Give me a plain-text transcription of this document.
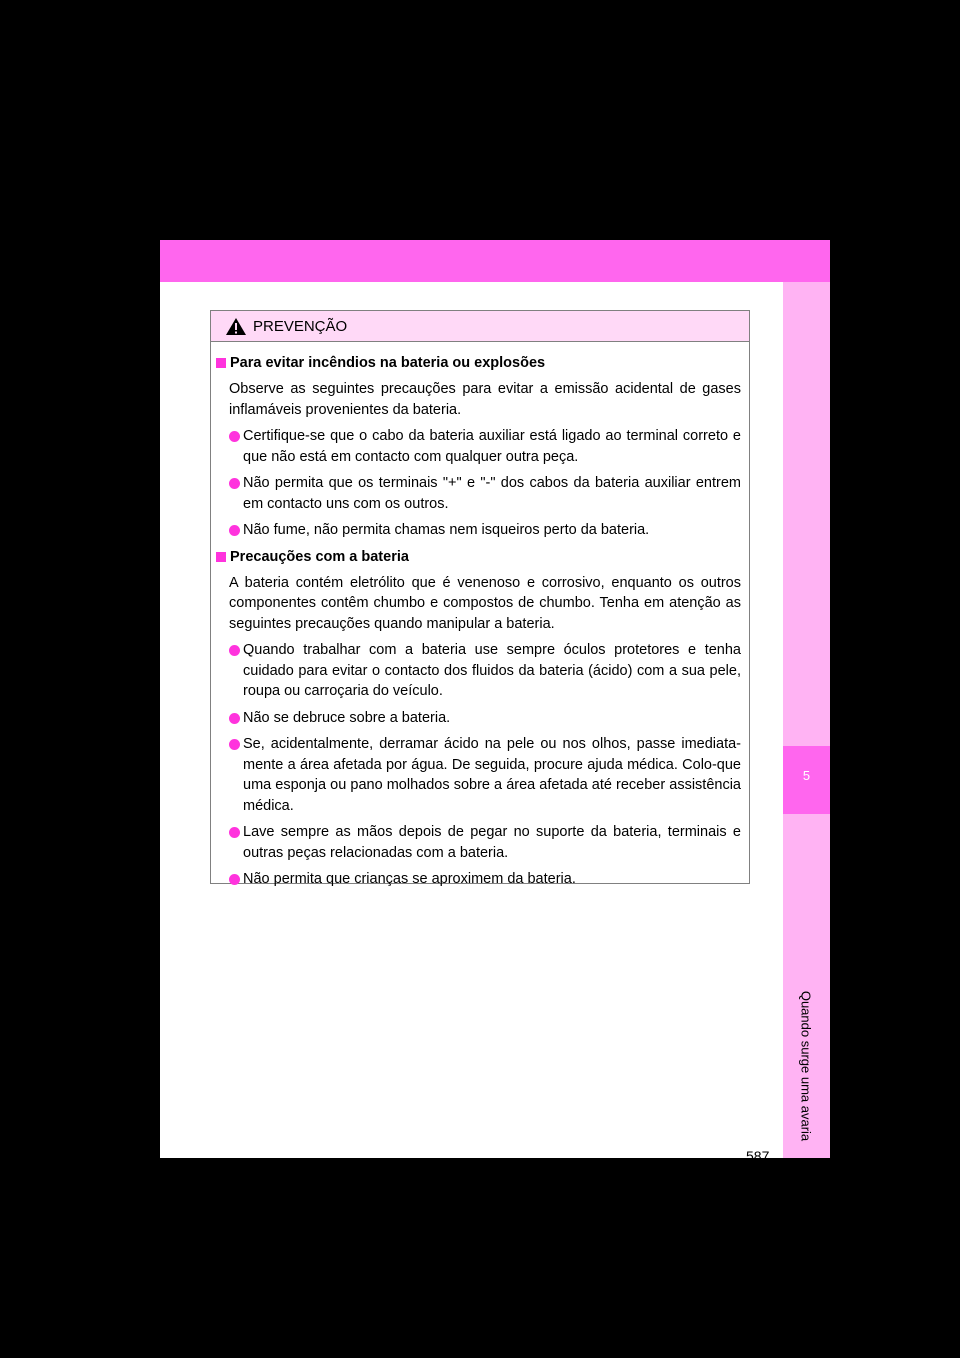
5
Quando surge uma avaria
587
PREVENÇÃO
Para evitar incêndios na bateria ou explosões
Observe as seguintes precauções para evitar a emissão acidental de gases inflamáveis provenientes da bateria.
Certifique-se que o cabo da bateria auxiliar está ligado ao terminal correto e que não está em contacto com qualquer outra peça.
Não permita que os terminais "+" e "-" dos cabos da bateria auxiliar entrem em contacto uns com os outros.
Não fume, não permita chamas nem isqueiros perto da bateria.
Precauções com a bateria
A bateria contém eletrólito que é venenoso e corrosivo, enquanto os outros componentes contêm chumbo e compostos de chumbo. Tenha em atenção as seguintes precauções quando manipular a bateria.
Quando trabalhar com a bateria use sempre óculos protetores e tenha cuidado para evitar o contacto dos fluidos da bateria (ácido) com a sua pele, roupa ou carroçaria do veículo.
Não se debruce sobre a bateria.
Se, acidentalmente, derramar ácido na pele ou nos olhos, passe imediata-mente a área afetada por água. De seguida, procure ajuda médica. Colo-que uma esponja ou pano molhados sobre a área afetada até receber assistência médica.
Lave sempre as mãos depois de pegar no suporte da bateria, terminais e outras peças relacionadas com a bateria.
Não permita que crianças se aproximem da bateria.
